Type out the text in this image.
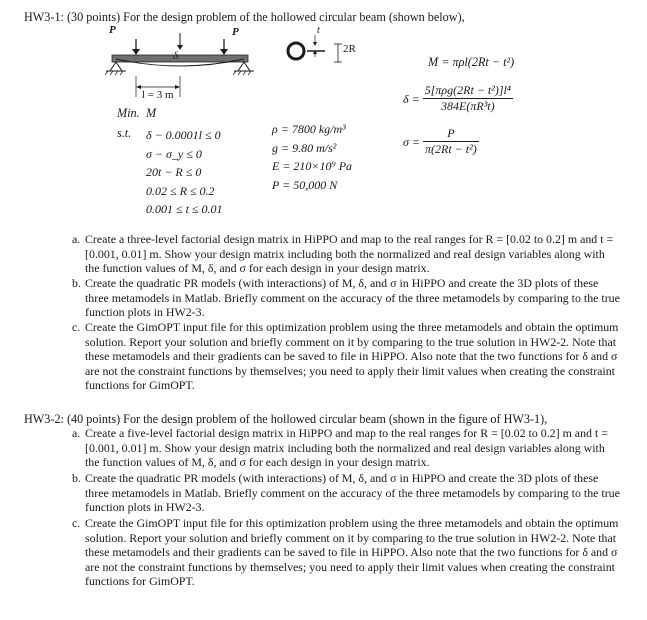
HW3-1: (30 points) For the design problem of the hollowed circular beam (shown below),
P	P
δ
l = 3 m
t
2R
M = πρl(2Rt − t²)
$\delta = \frac{\text{5[πρg(2Rt − t²)]l⁴}}{\text{384E(πR³t)}}$
$\sigma = \frac{P}{\text{π(2Rt − t²)}}$
Min. M
s.t. δ − 0.0001l ≤ 0
σ − σ_y ≤ 0
20t − R ≤ 0
0.02 ≤ R ≤ 0.2
0.001 ≤ t ≤ 0.01
ρ = 7800 kg/m³
g = 9.80 m/s²
E = 210×10⁹ Pa
P = 50,000 N
a. Create a three-level factorial design matrix in HiPPO and map to the real ranges for R = [0.02 to 0.2] m and t = [0.001, 0.01] m. Show your design matrix including both the normalized and real design variables along with the function values of M, δ, and σ for each design in your design matrix.
b. Create the quadratic PR models (with interactions) of M, δ, and σ in HiPPO and create the 3D plots of these three metamodels in Matlab. Briefly comment on the accuracy of the three metamodels by comparing to the true function plots in HW2-3.
c. Create the GimOPT input file for this optimization problem using the three metamodels and obtain the optimum solution. Report your solution and briefly comment on it by comparing to the true solution in HW2-2. Note that these metamodels and their gradients can be saved to file in HiPPO. Also note that the two functions for δ and σ are not the constraint functions by themselves; you need to apply their limit values when creating the constraint functions for GimOPT.
HW3-2: (40 points) For the design problem of the hollowed circular beam (shown in the figure of HW3-1),
a. Create a five-level factorial design matrix in HiPPO and map to the real ranges for R = [0.02 to 0.2] m and t = [0.001, 0.01] m. Show your design matrix including both the normalized and real design variables along with the function values of M, δ, and σ for each design in your design matrix.
b. Create the quadratic PR models (with interactions) of M, δ, and σ in HiPPO and create the 3D plots of these three metamodels in Matlab. Briefly comment on the accuracy of the three metamodels by comparing to the true function plots in HW2-3.
c. Create the GimOPT input file for this optimization problem using the three metamodels and obtain the optimum solution. Report your solution and briefly comment on it by comparing to the true solution in HW2-2. Note that these metamodels and their gradients can be saved to file in HiPPO. Also note that the two functions for δ and σ are not the constraint functions by themselves; you need to apply their limit values when creating the constraint functions for GimOPT.
